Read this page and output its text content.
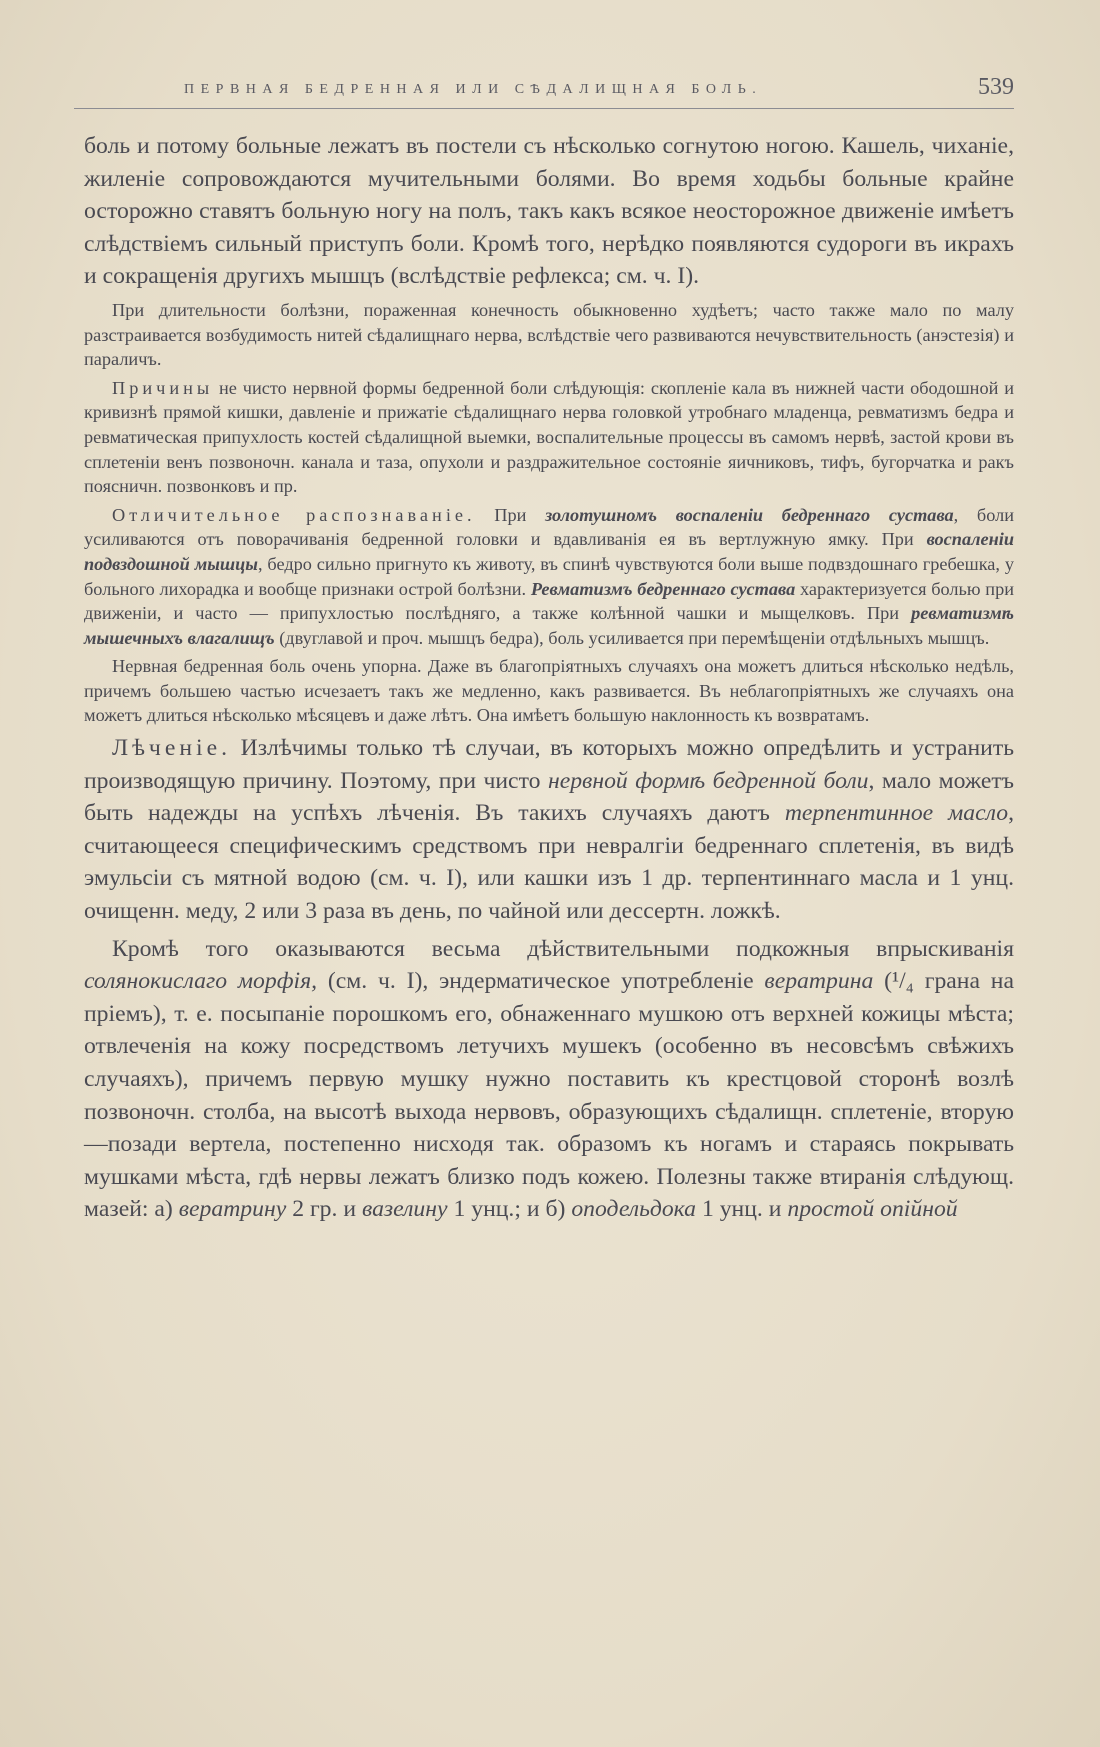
ПЕРВНАЯ БЕДРЕННАЯ ИЛИ СѢДАЛИЩНАЯ БОЛЬ.	539

боль и потому больные лежатъ въ постели съ нѣсколько согнутою ногою. Кашель, чиханіе, жиленіе сопровождаются мучительными болями. Во время ходьбы больные крайне осторожно ставятъ больную ногу на полъ, такъ какъ всякое неосторожное движеніе имѣетъ слѣдствіемъ сильный приступъ боли. Кромѣ того, нерѣдко появляются судороги въ икрахъ и сокращенія другихъ мышцъ (вслѣдствіе рефлекса; см. ч. I).

При длительности болѣзни, пораженная конечность обыкновенно худѣетъ; часто также мало по малу разстраивается возбудимость нитей сѣдалищнаго нерва, вслѣдствіе чего развиваются нечувствительность (анэстезія) и параличъ.

Причины не чисто нервной формы бедренной боли слѣдующія: скопленіе кала въ нижней части ободошной и кривизнѣ прямой кишки, давленіе и прижатіе сѣдалищнаго нерва головкой утробнаго младенца, ревматизмъ бедра и ревматическая припухлость костей сѣдалищной выемки, воспалительные процессы въ самомъ нервѣ, застой крови въ сплетеніи венъ позвоночн. канала и таза, опухоли и раздражительное состояніе яичниковъ, тифъ, бугорчатка и ракъ поясничн. позвонковъ и пр.

Отличительное распознаваніе. При золотушномъ воспаленіи бедреннаго сустава, боли усиливаются отъ поворачиванія бедренной головки и вдавливанія ея въ вертлужную ямку. При воспаленіи подвздошной мышцы, бедро сильно пригнуто къ животу, въ спинѣ чувствуются боли выше подвздошнаго гребешка, у больного лихорадка и вообще признаки острой болѣзни. Ревматизмъ бедреннаго сустава характеризуется болью при движеніи, и часто — припухлостью послѣдняго, а также колѣнной чашки и мыщелковъ. При ревматизмѣ мышечныхъ влагалищъ (двуглавой и проч. мышцъ бедра), боль усиливается при перемѣщеніи отдѣльныхъ мышцъ.

Нервная бедренная боль очень упорна. Даже въ благопріятныхъ случаяхъ она можетъ длиться нѣсколько недѣль, причемъ большею частью исчезаетъ такъ же медленно, какъ развивается. Въ неблагопріятныхъ же случаяхъ она можетъ длиться нѣсколько мѣсяцевъ и даже лѣтъ. Она имѣетъ большую наклонность къ возвратамъ.

Лѣченіе. Излѣчимы только тѣ случаи, въ которыхъ можно опредѣлить и устранить производящую причину. Поэтому, при чисто нервной формѣ бедренной боли, мало можетъ быть надежды на успѣхъ лѣченія. Въ такихъ случаяхъ даютъ терпентинное масло, считающееся специфическимъ средствомъ при невралгіи бедреннаго сплетенія, въ видѣ эмульсіи съ мятной водою (см. ч. I), или кашки изъ 1 др. терпентиннаго масла и 1 унц. очищенн. меду, 2 или 3 раза въ день, по чайной или дессертн. ложкѣ.

Кромѣ того оказываются весьма дѣйствительными подкожныя впрыскиванія солянокислаго морфія, (см. ч. I), эндерматическое употребленіе вератрина (¹/₄ грана на пріемъ), т. е. посыпаніе порошкомъ его, обнаженнаго мушкою отъ верхней кожицы мѣста; отвлеченія на кожу посредствомъ летучихъ мушекъ (особенно въ несовсѣмъ свѣжихъ случаяхъ), причемъ первую мушку нужно поставить къ крестцовой сторонѣ возлѣ позвоночн. столба, на высотѣ выхода нервовъ, образующихъ сѣдалищн. сплетеніе, вторую—позади вертела, постепенно нисходя так. образомъ къ ногамъ и стараясь покрывать мушками мѣста, гдѣ нервы лежатъ близко подъ кожею. Полезны также втиранія слѣдующ. мазей: а) вератрину 2 гр. и вазелину 1 унц.; и б) оподельдока 1 унц. и простой опійной
